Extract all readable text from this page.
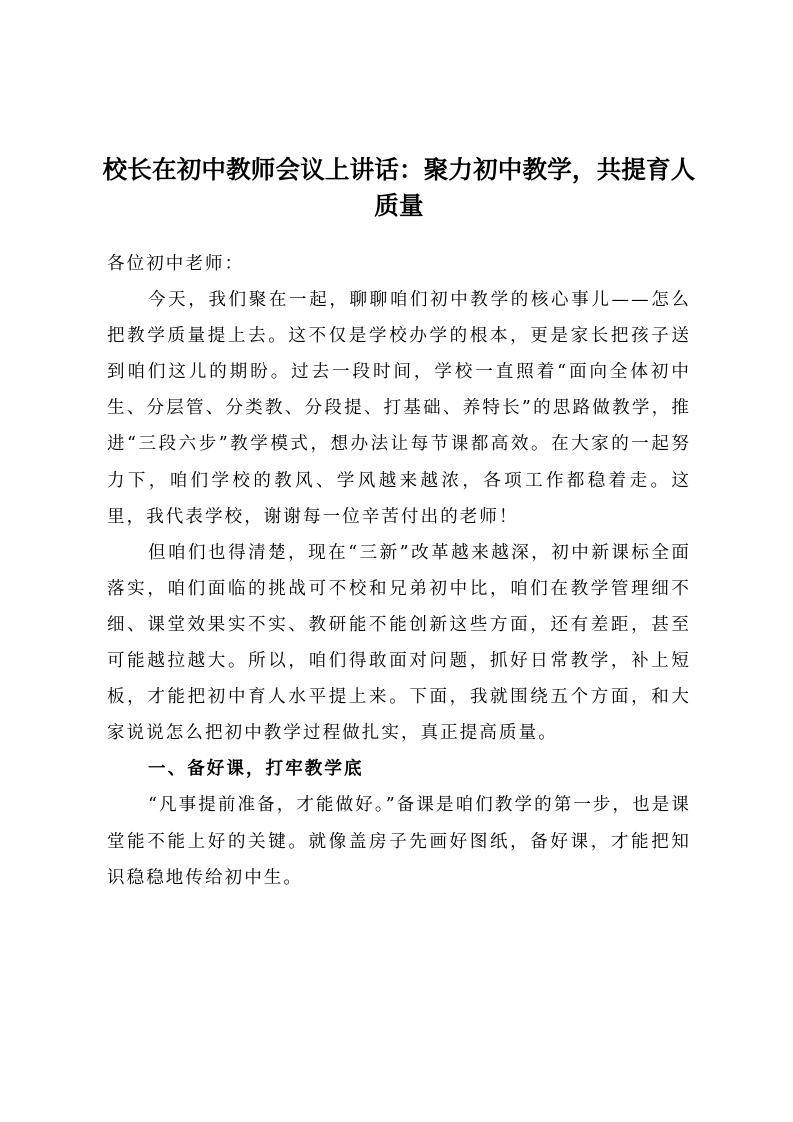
校长在初中教师会议上讲话：聚力初中教学，共提育人质量

各位初中老师：

今天，我们聚在一起，聊聊咱们初中教学的核心事儿——怎么把教学质量提上去。这不仅是学校办学的根本，更是家长把孩子送到咱们这儿的期盼。过去一段时间，学校一直照着“面向全体初中生、分层管、分类教、分段提、打基础、养特长”的思路做教学，推进“三段六步”教学模式，想办法让每节课都高效。在大家的一起努力下，咱们学校的教风、学风越来越浓，各项工作都稳着走。这里，我代表学校，谢谢每一位辛苦付出的老师！

但咱们也得清楚，现在“三新”改革越来越深，初中新课标全面落实，咱们面临的挑战可不校和兄弟初中比，咱们在教学管理细不细、课堂效果实不实、教研能不能创新这些方面，还有差距，甚至可能越拉越大。所以，咱们得敢面对问题，抓好日常教学，补上短板，才能把初中育人水平提上来。下面，我就围绕五个方面，和大家说说怎么把初中教学过程做扎实，真正提高质量。

一、备好课，打牢教学底

“凡事提前准备，才能做好。”备课是咱们教学的第一步，也是课堂能不能上好的关键。就像盖房子先画好图纸，备好课，才能把知识稳稳地传给初中生。
